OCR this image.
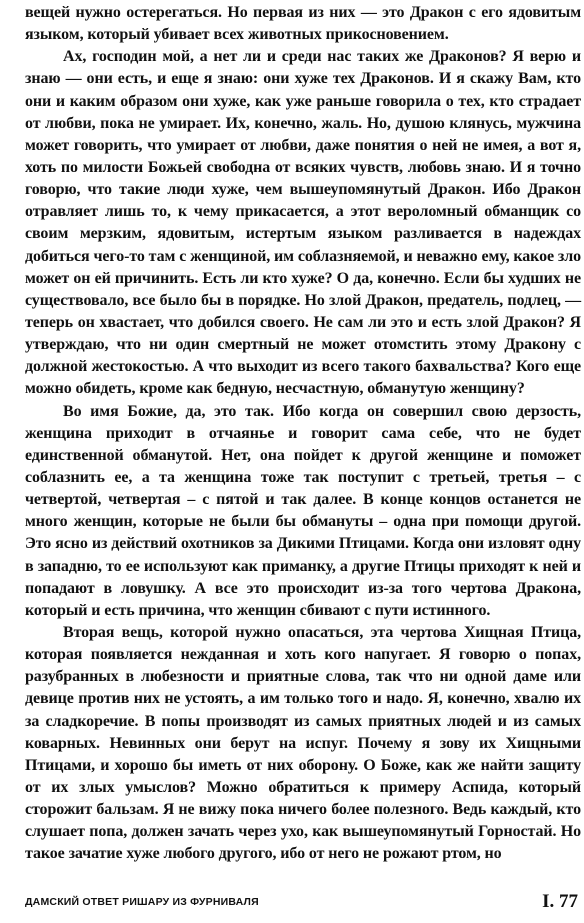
вещей нужно остерегаться. Но первая из них — это Дракон с его ядовитым языком, который убивает всех животных прикосновением.

Ах, господин мой, а нет ли и среди нас таких же Драконов? Я верю и знаю — они есть, и еще я знаю: они хуже тех Драконов. И я скажу Вам, кто они и каким образом они хуже, как уже раньше говорила о тех, кто страдает от любви, пока не умирает. Их, конечно, жаль. Но, душою клянусь, мужчина может говорить, что умирает от любви, даже понятия о ней не имея, а вот я, хоть по милости Божьей свободна от всяких чувств, любовь знаю. И я точно говорю, что такие люди хуже, чем вышеупомянутый Дракон. Ибо Дракон отравляет лишь то, к чему прикасается, а этот вероломный обманщик со своим мерзким, ядовитым, истертым языком разливается в надеждах добиться чего-то там с женщиной, им соблазняемой, и неважно ему, какое зло может он ей причинить. Есть ли кто хуже? О да, конечно. Если бы худших не существовало, все было бы в порядке. Но злой Дракон, предатель, подлец, — теперь он хвастает, что добился своего. Не сам ли это и есть злой Дракон? Я утверждаю, что ни один смертный не может отомстить этому Дракону с должной жестокостью. А что выходит из всего такого бахвальства? Кого еще можно обидеть, кроме как бедную, несчастную, обманутую женщину?

Во имя Божие, да, это так. Ибо когда он совершил свою дерзость, женщина приходит в отчаянье и говорит сама себе, что не будет единственной обманутой. Нет, она пойдет к другой женщине и поможет соблазнить ее, а та женщина тоже так поступит с третьей, третья – с четвертой, четвертая – с пятой и так далее. В конце концов останется не много женщин, которые не были бы обмануты – одна при помощи другой. Это ясно из действий охотников за Дикими Птицами. Когда они изловят одну в западню, то ее используют как приманку, а другие Птицы приходят к ней и попадают в ловушку. А все это происходит из-за того чертова Дракона, который и есть причина, что женщин сбивают с пути истинного.

Вторая вещь, которой нужно опасаться, эта чертова Хищная Птица, которая появляется нежданная и хоть кого напугает. Я говорю о попах, разубранных в любезности и приятные слова, так что ни одной даме или девице против них не устоять, а им только того и надо. Я, конечно, хвалю их за сладкоречие. В попы производят из самых приятных людей и из самых коварных. Невинных они берут на испуг. Почему я зову их Хищными Птицами, и хорошо бы иметь от них оборону. О Боже, как же найти защиту от их злых умыслов? Можно обратиться к примеру Аспида, который сторожит бальзам. Я не вижу пока ничего более полезного. Ведь каждый, кто слушает попа, должен зачать через ухо, как вышеупомянутый Горностай. Но такое зачатие хуже любого другого, ибо от него не рожают ртом, но

ДАМСКИЙ ОТВЕТ РИШАРУ ИЗ ФУРНИВАЛЯ	I. 77
